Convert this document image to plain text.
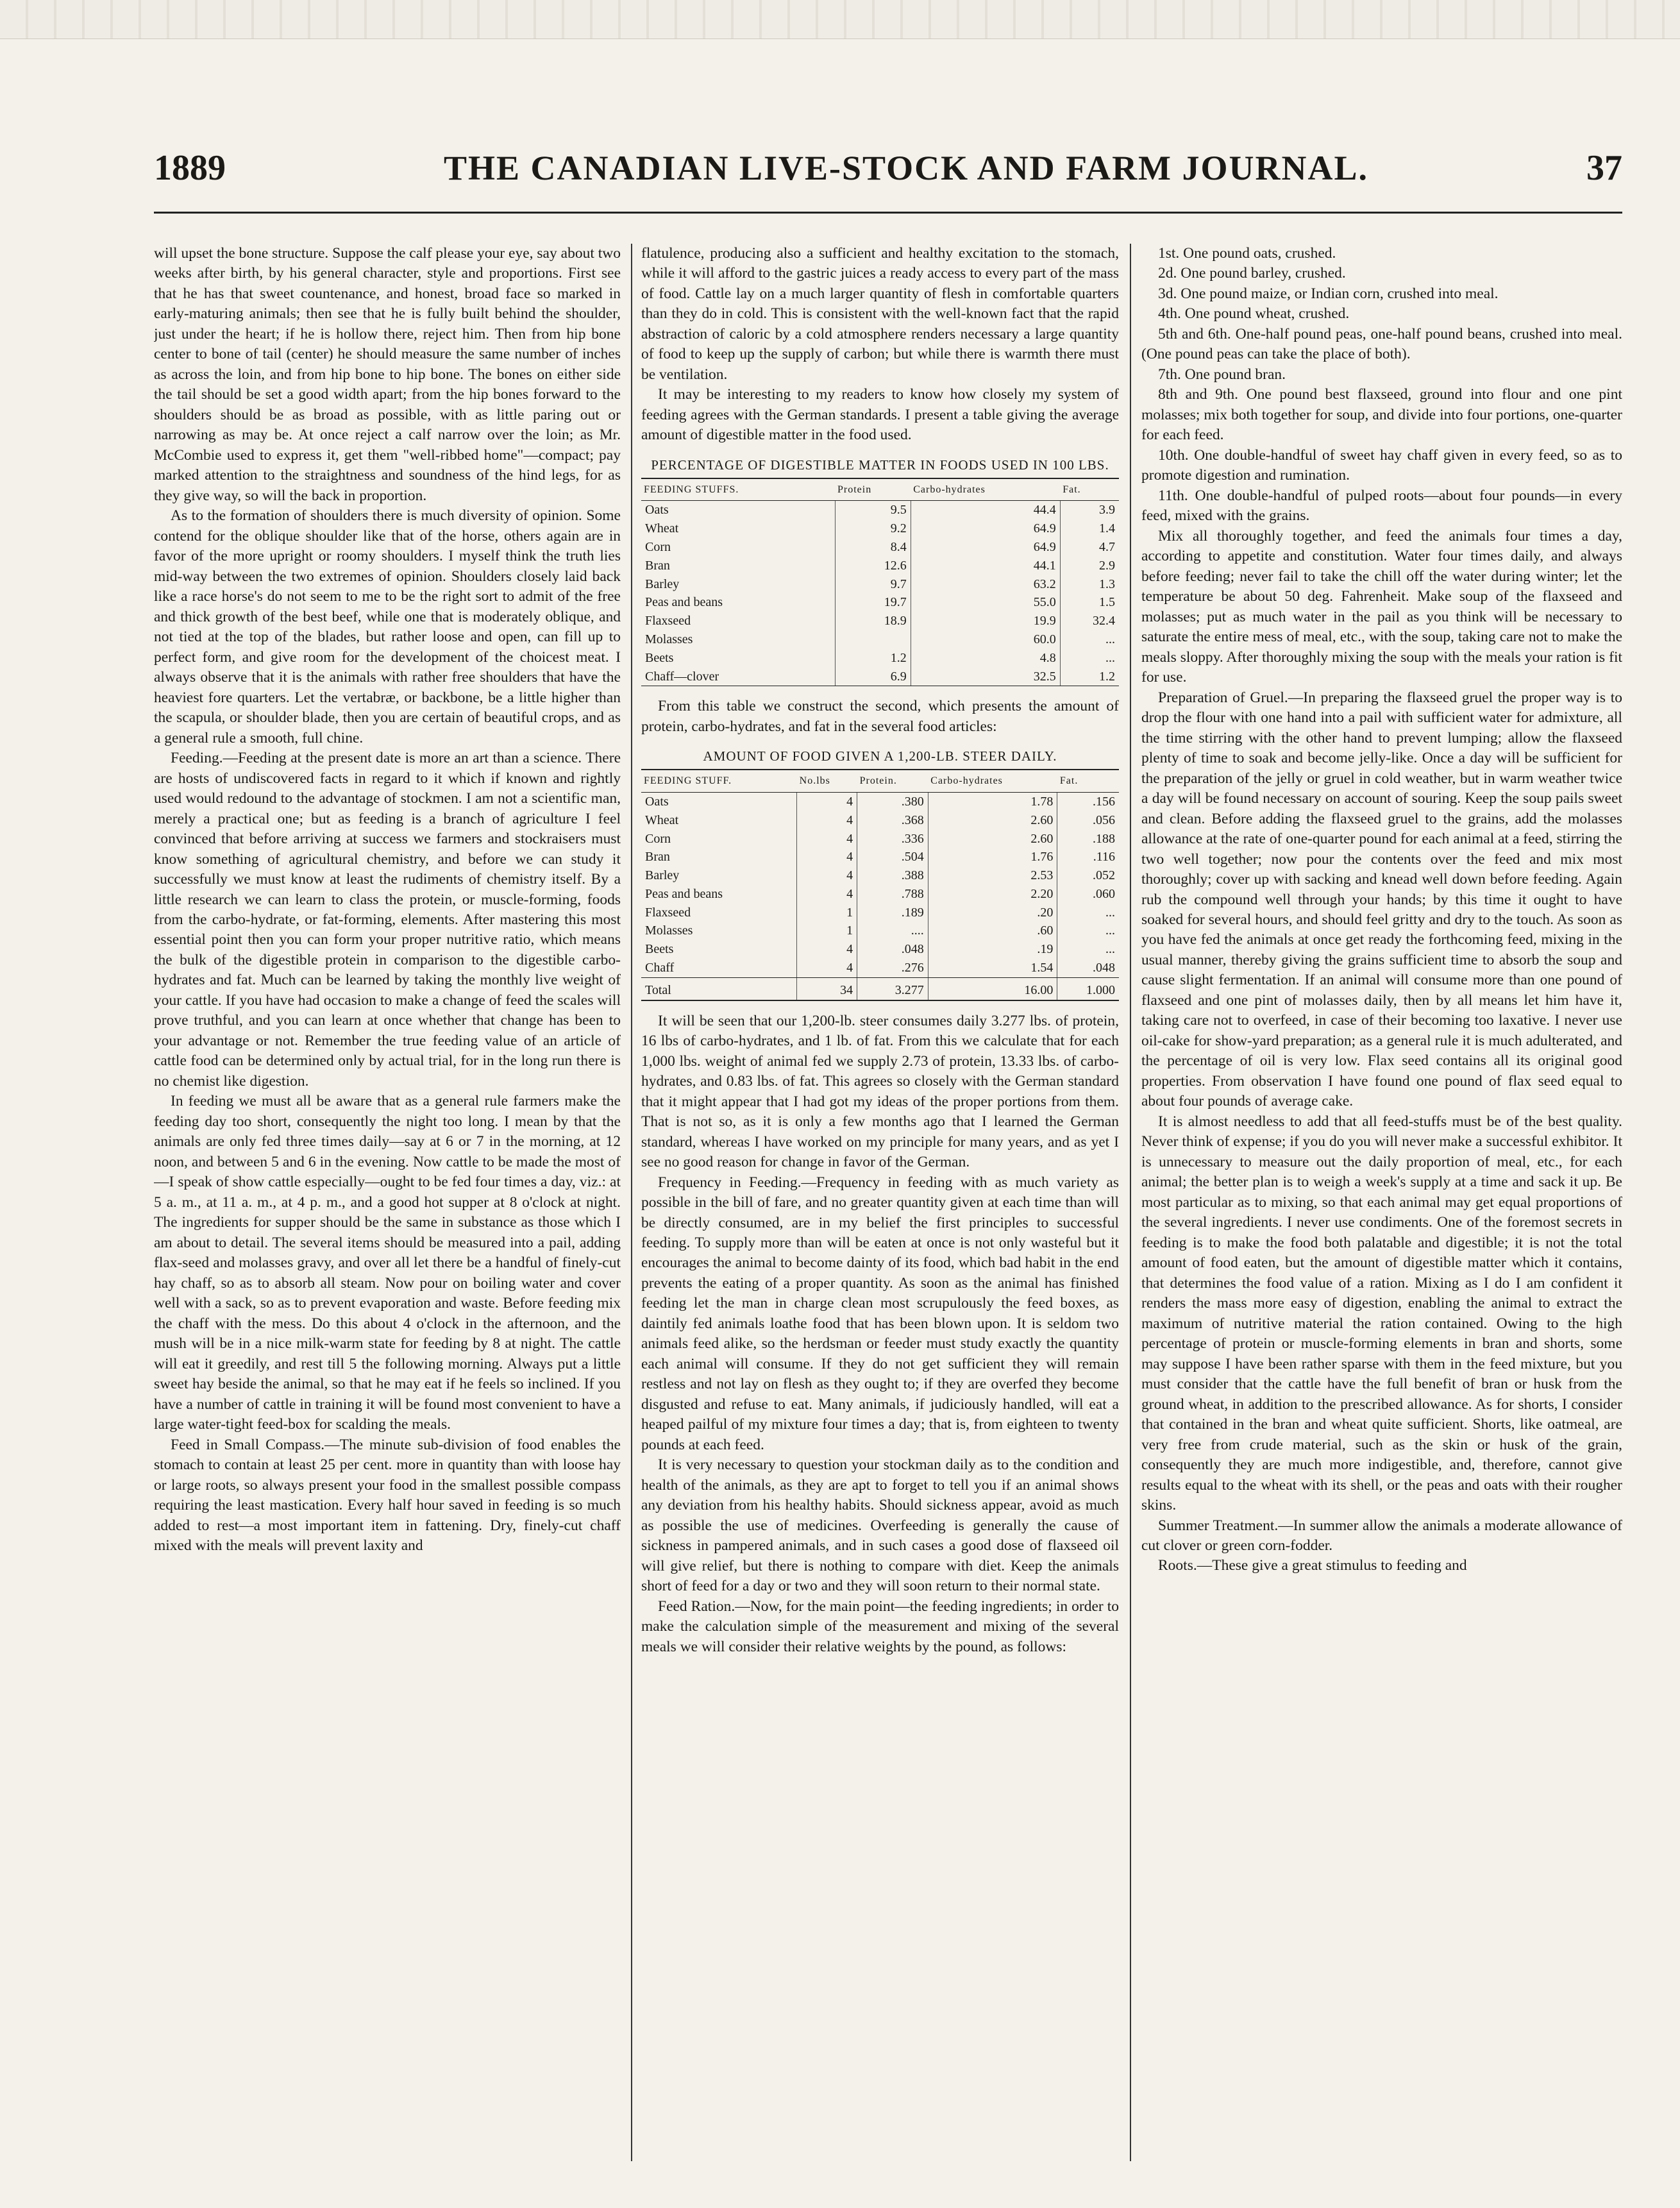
1889	THE CANADIAN LIVE-STOCK AND FARM JOURNAL.	37

will upset the bone structure. Suppose the calf please your eye, say about two weeks after birth, by his general character, style and proportions. First see that he has that sweet countenance, and honest, broad face so marked in early-maturing animals; then see that he is fully built behind the shoulder, just under the heart; if he is hollow there, reject him. Then from hip bone center to bone of tail (center) he should measure the same number of inches as across the loin, and from hip bone to hip bone. The bones on either side the tail should be set a good width apart; from the hip bones forward to the shoulders should be as broad as possible, with as little paring out or narrowing as may be. At once reject a calf narrow over the loin; as Mr. McCombie used to express it, get them "well-ribbed home"—compact; pay marked attention to the straightness and soundness of the hind legs, for as they give way, so will the back in proportion.

As to the formation of shoulders there is much diversity of opinion. Some contend for the oblique shoulder like that of the horse, others again are in favor of the more upright or roomy shoulders. I myself think the truth lies mid-way between the two extremes of opinion. Shoulders closely laid back like a race horse's do not seem to me to be the right sort to admit of the free and thick growth of the best beef, while one that is moderately oblique, and not tied at the top of the blades, but rather loose and open, can fill up to perfect form, and give room for the development of the choicest meat. I always observe that it is the animals with rather free shoulders that have the heaviest fore quarters. Let the vertabræ, or backbone, be a little higher than the scapula, or shoulder blade, then you are certain of beautiful crops, and as a general rule a smooth, full chine.

Feeding.—Feeding at the present date is more an art than a science. There are hosts of undiscovered facts in regard to it which if known and rightly used would redound to the advantage of stockmen. I am not a scientific man, merely a practical one; but as feeding is a branch of agriculture I feel convinced that before arriving at success we farmers and stockraisers must know something of agricultural chemistry, and before we can study it successfully we must know at least the rudiments of chemistry itself. By a little research we can learn to class the protein, or muscle-forming, foods from the carbo-hydrate, or fat-forming, elements. After mastering this most essential point then you can form your proper nutritive ratio, which means the bulk of the digestible protein in comparison to the digestible carbo-hydrates and fat. Much can be learned by taking the monthly live weight of your cattle. If you have had occasion to make a change of feed the scales will prove truthful, and you can learn at once whether that change has been to your advantage or not. Remember the true feeding value of an article of cattle food can be determined only by actual trial, for in the long run there is no chemist like digestion.

In feeding we must all be aware that as a general rule farmers make the feeding day too short, consequently the night too long. I mean by that the animals are only fed three times daily—say at 6 or 7 in the morning, at 12 noon, and between 5 and 6 in the evening. Now cattle to be made the most of—I speak of show cattle especially—ought to be fed four times a day, viz.: at 5 a. m., at 11 a. m., at 4 p. m., and a good hot supper at 8 o'clock at night. The ingredients for supper should be the same in substance as those which I am about to detail. The several items should be measured into a pail, adding flax-seed and molasses gravy, and over all let there be a handful of finely-cut hay chaff, so as to absorb all steam. Now pour on boiling water and cover well with a sack, so as to prevent evaporation and waste. Before feeding mix the chaff with the mess. Do this about 4 o'clock in the afternoon, and the mush will be in a nice milk-warm state for feeding by 8 at night. The cattle will eat it greedily, and rest till 5 the following morning. Always put a little sweet hay beside the animal, so that he may eat if he feels so inclined. If you have a number of cattle in training it will be found most convenient to have a large water-tight feed-box for scalding the meals.

Feed in Small Compass.—The minute sub-division of food enables the stomach to contain at least 25 per cent. more in quantity than with loose hay or large roots, so always present your food in the smallest possible compass requiring the least mastication. Every half hour saved in feeding is so much added to rest—a most important item in fattening. Dry, finely-cut chaff mixed with the meals will prevent laxity and

flatulence, producing also a sufficient and healthy excitation to the stomach, while it will afford to the gastric juices a ready access to every part of the mass of food. Cattle lay on a much larger quantity of flesh in comfortable quarters than they do in cold. This is consistent with the well-known fact that the rapid abstraction of caloric by a cold atmosphere renders necessary a large quantity of food to keep up the supply of carbon; but while there is warmth there must be ventilation.

It may be interesting to my readers to know how closely my system of feeding agrees with the German standards. I present a table giving the average amount of digestible matter in the food used.

PERCENTAGE OF DIGESTIBLE MATTER IN FOODS USED IN 100 LBS.
FEEDING STUFFS.	Protein	Carbo-hydrates	Fat.
Oats	9.5	44.4	3.9
Wheat	9.2	64.9	1.4
Corn	8.4	64.9	4.7
Bran	12.6	44.1	2.9
Barley	9.7	63.2	1.3
Peas and beans	19.7	55.0	1.5
Flaxseed	18.9	19.9	32.4
Molasses		60.0	...
Beets	1.2	4.8	...
Chaff—clover	6.9	32.5	1.2

From this table we construct the second, which presents the amount of protein, carbo-hydrates, and fat in the several food articles:

AMOUNT OF FOOD GIVEN A 1,200-LB. STEER DAILY.
FEEDING STUFF.	No.lbs	Protein.	Carbo-hydrates	Fat.
Oats	4	.380	1.78	.156
Wheat	4	.368	2.60	.056
Corn	4	.336	2.60	.188
Bran	4	.504	1.76	.116
Barley	4	.388	2.53	.052
Peas and beans	4	.788	2.20	.060
Flaxseed	1	.189	.20	...
Molasses	1	....	.60	...
Beets	4	.048	.19	...
Chaff	4	.276	1.54	.048
Total	34	3.277	16.00	1.000

It will be seen that our 1,200-lb. steer consumes daily 3.277 lbs. of protein, 16 lbs of carbo-hydrates, and 1 lb. of fat. From this we calculate that for each 1,000 lbs. weight of animal fed we supply 2.73 of protein, 13.33 lbs. of carbo-hydrates, and 0.83 lbs. of fat. This agrees so closely with the German standard that it might appear that I had got my ideas of the proper portions from them. That is not so, as it is only a few months ago that I learned the German standard, whereas I have worked on my principle for many years, and as yet I see no good reason for change in favor of the German.

Frequency in Feeding.—Frequency in feeding with as much variety as possible in the bill of fare, and no greater quantity given at each time than will be directly consumed, are in my belief the first principles to successful feeding. To supply more than will be eaten at once is not only wasteful but it encourages the animal to become dainty of its food, which bad habit in the end prevents the eating of a proper quantity. As soon as the animal has finished feeding let the man in charge clean most scrupulously the feed boxes, as daintily fed animals loathe food that has been blown upon. It is seldom two animals feed alike, so the herdsman or feeder must study exactly the quantity each animal will consume. If they do not get sufficient they will remain restless and not lay on flesh as they ought to; if they are overfed they become disgusted and refuse to eat. Many animals, if judiciously handled, will eat a heaped pailful of my mixture four times a day; that is, from eighteen to twenty pounds at each feed.

It is very necessary to question your stockman daily as to the condition and health of the animals, as they are apt to forget to tell you if an animal shows any deviation from his healthy habits. Should sickness appear, avoid as much as possible the use of medicines. Overfeeding is generally the cause of sickness in pampered animals, and in such cases a good dose of flaxseed oil will give relief, but there is nothing to compare with diet. Keep the animals short of feed for a day or two and they will soon return to their normal state.

Feed Ration.—Now, for the main point—the feeding ingredients; in order to make the calculation simple of the measurement and mixing of the several meals we will consider their relative weights by the pound, as follows:

1st. One pound oats, crushed.

2d. One pound barley, crushed.

3d. One pound maize, or Indian corn, crushed into meal.

4th. One pound wheat, crushed.

5th and 6th. One-half pound peas, one-half pound beans, crushed into meal. (One pound peas can take the place of both).

7th. One pound bran.

8th and 9th. One pound best flaxseed, ground into flour and one pint molasses; mix both together for soup, and divide into four portions, one-quarter for each feed.

10th. One double-handful of sweet hay chaff given in every feed, so as to promote digestion and rumination.

11th. One double-handful of pulped roots—about four pounds—in every feed, mixed with the grains.

Mix all thoroughly together, and feed the animals four times a day, according to appetite and constitution. Water four times daily, and always before feeding; never fail to take the chill off the water during winter; let the temperature be about 50 deg. Fahrenheit. Make soup of the flaxseed and molasses; put as much water in the pail as you think will be necessary to saturate the entire mess of meal, etc., with the soup, taking care not to make the meals sloppy. After thoroughly mixing the soup with the meals your ration is fit for use.

Preparation of Gruel.—In preparing the flaxseed gruel the proper way is to drop the flour with one hand into a pail with sufficient water for admixture, all the time stirring with the other hand to prevent lumping; allow the flaxseed plenty of time to soak and become jelly-like. Once a day will be sufficient for the preparation of the jelly or gruel in cold weather, but in warm weather twice a day will be found necessary on account of souring. Keep the soup pails sweet and clean. Before adding the flaxseed gruel to the grains, add the molasses allowance at the rate of one-quarter pound for each animal at a feed, stirring the two well together; now pour the contents over the feed and mix most thoroughly; cover up with sacking and knead well down before feeding. Again rub the compound well through your hands; by this time it ought to have soaked for several hours, and should feel gritty and dry to the touch. As soon as you have fed the animals at once get ready the forthcoming feed, mixing in the usual manner, thereby giving the grains sufficient time to absorb the soup and cause slight fermentation. If an animal will consume more than one pound of flaxseed and one pint of molasses daily, then by all means let him have it, taking care not to overfeed, in case of their becoming too laxative. I never use oil-cake for show-yard preparation; as a general rule it is much adulterated, and the percentage of oil is very low. Flax seed contains all its original good properties. From observation I have found one pound of flax seed equal to about four pounds of average cake.

It is almost needless to add that all feed-stuffs must be of the best quality. Never think of expense; if you do you will never make a successful exhibitor. It is unnecessary to measure out the daily proportion of meal, etc., for each animal; the better plan is to weigh a week's supply at a time and sack it up. Be most particular as to mixing, so that each animal may get equal proportions of the several ingredients. I never use condiments. One of the foremost secrets in feeding is to make the food both palatable and digestible; it is not the total amount of food eaten, but the amount of digestible matter which it contains, that determines the food value of a ration. Mixing as I do I am confident it renders the mass more easy of digestion, enabling the animal to extract the maximum of nutritive material the ration contained. Owing to the high percentage of protein or muscle-forming elements in bran and shorts, some may suppose I have been rather sparse with them in the feed mixture, but you must consider that the cattle have the full benefit of bran or husk from the ground wheat, in addition to the prescribed allowance. As for shorts, I consider that contained in the bran and wheat quite sufficient. Shorts, like oatmeal, are very free from crude material, such as the skin or husk of the grain, consequently they are much more indigestible, and, therefore, cannot give results equal to the wheat with its shell, or the peas and oats with their rougher skins.

Summer Treatment.—In summer allow the animals a moderate allowance of cut clover or green corn-fodder.

Roots.—These give a great stimulus to feeding and
